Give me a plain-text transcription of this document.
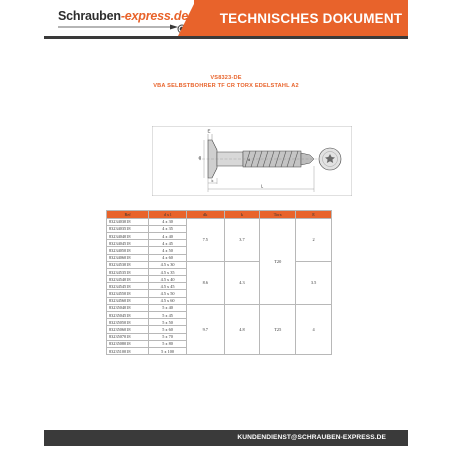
Schrauben-express.de	TECHNISCHES DOKUMENT
VS8323-DE
VBA SELBSTBOHRER TF CR TORX EDELSTAHL A2
E
dk	d
k
L
Ref	d x l	dk	k	Torx	E
8323403018	4 x 30	7.5	3.7	T20	2
8323403518	4 x 35				
8323404018	4 x 40				
8323404518	4 x 45				
8323405018	4 x 50				
8323406018	4 x 60				
8323453018	4.5 x 30	8.6	4.3		3.5
8323453518	4.5 x 35				
8323454018	4.5 x 40				
8323454518	4.5 x 45				
8323455018	4.5 x 50				
8323456018	4.5 x 60				
8323504018	5 x 40	9.7	4.8	T25	4
8323504518	5 x 45				
8323505018	5 x 50				
8323506018	5 x 60				
8323507018	5 x 70				
8323508018	5 x 80				
8323510018	5 x 100				
KUNDENDIENST@SCHRAUBEN-EXPRESS.DE
